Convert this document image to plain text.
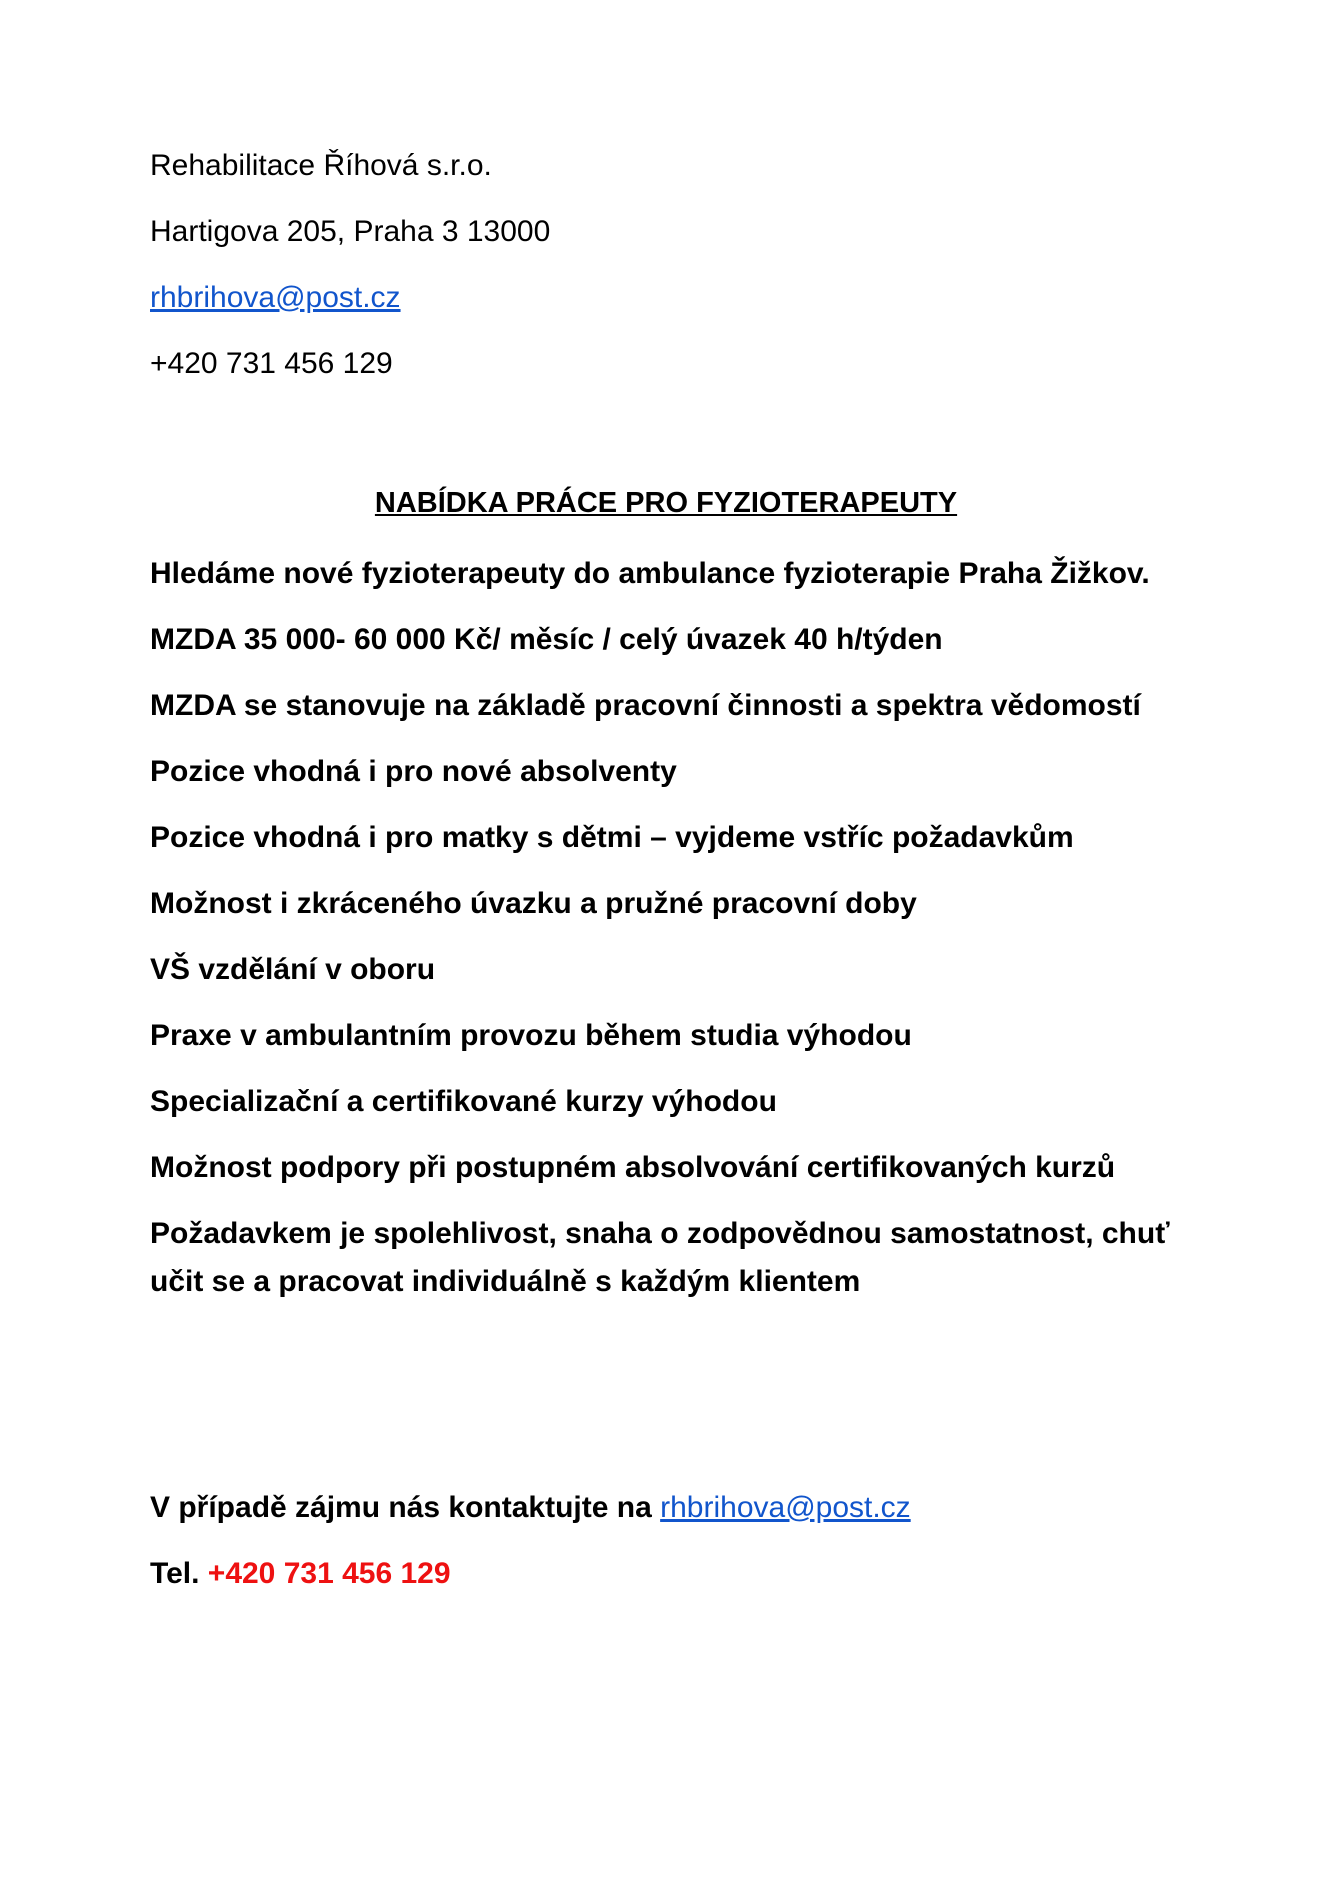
Rehabilitace Říhová s.r.o.
Hartigova 205, Praha 3 13000
rhbrihova@post.cz
+420 731 456 129
NABÍDKA PRÁCE PRO FYZIOTERAPEUTY
Hledáme nové fyzioterapeuty do ambulance fyzioterapie Praha Žižkov.
MZDA 35 000- 60 000 Kč/ měsíc / celý úvazek 40 h/týden
MZDA se stanovuje na základě pracovní činnosti a spektra vědomostí
Pozice vhodná i pro nové absolventy
Pozice vhodná i pro matky s dětmi – vyjdeme vstříc požadavkům
Možnost i zkráceného úvazku a pružné pracovní doby
VŠ vzdělání v oboru
Praxe v ambulantním provozu během studia výhodou
Specializační a certifikované kurzy výhodou
Možnost podpory při postupném absolvování certifikovaných kurzů
Požadavkem je spolehlivost, snaha o zodpovědnou samostatnost, chuť učit se a pracovat individuálně s každým klientem
V případě zájmu nás kontaktujte na rhbrihova@post.cz
Tel. +420 731 456 129
